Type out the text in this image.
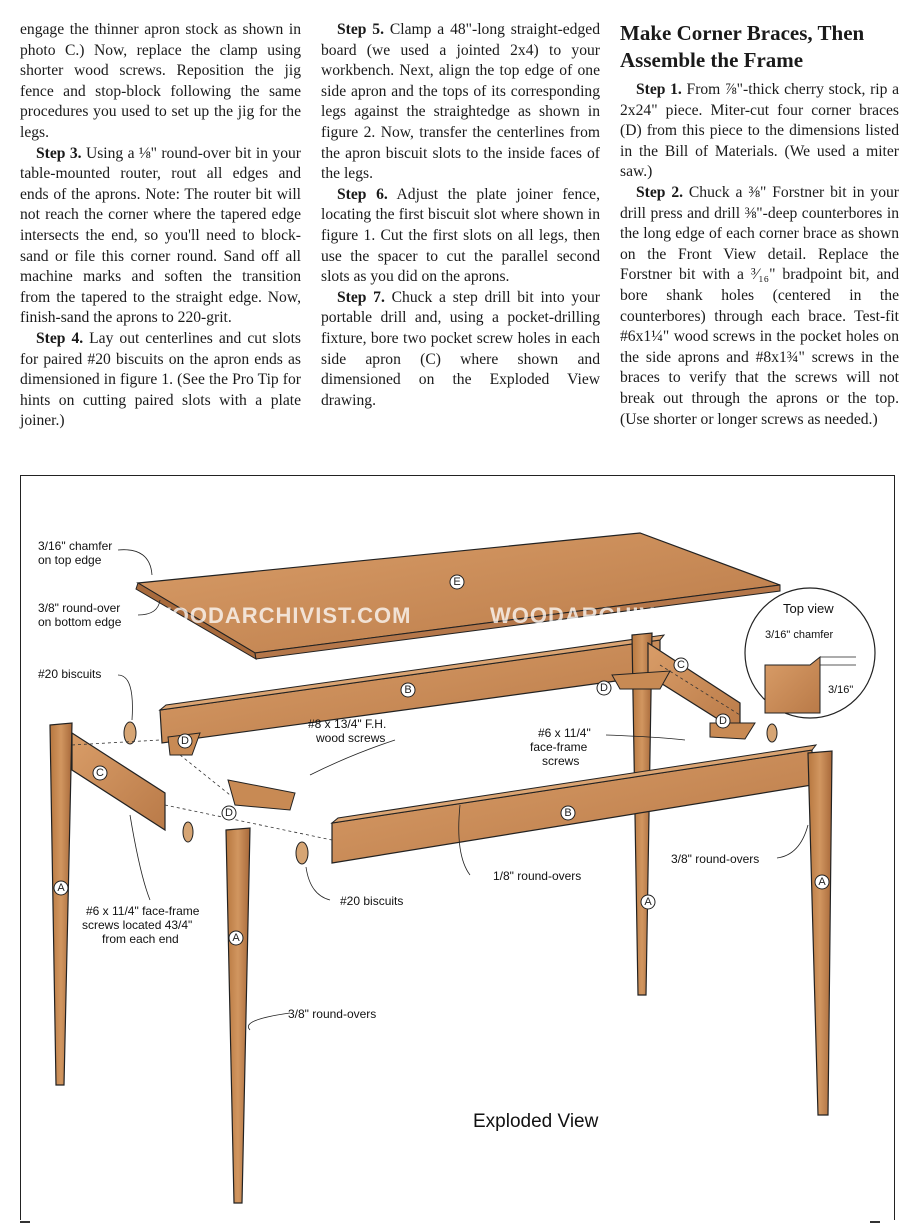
engage the thinner apron stock as shown in photo C.) Now, replace the clamp using shorter wood screws. Reposition the jig fence and stop-block following the same procedures you used to set up the jig for the legs.

Step 3. Using a ⅛" round-over bit in your table-mounted router, rout all edges and ends of the aprons. Note: The router bit will not reach the corner where the tapered edge intersects the end, so you'll need to block-sand or file this corner round. Sand off all machine marks and soften the transition from the tapered to the straight edge. Now, finish-sand the aprons to 220-grit.

Step 4. Lay out centerlines and cut slots for paired #20 biscuits on the apron ends as dimensioned in figure 1. (See the Pro Tip for hints on cutting paired slots with a plate joiner.)

Step 5. Clamp a 48"-long straight-edged board (we used a jointed 2x4) to your workbench. Next, align the top edge of one side apron and the tops of its corresponding legs against the straightedge as shown in figure 2. Now, transfer the centerlines from the apron biscuit slots to the inside faces of the legs.

Step 6. Adjust the plate joiner fence, locating the first biscuit slot where shown in figure 1. Cut the first slots on all legs, then use the spacer to cut the parallel second slots as you did on the aprons.

Step 7. Chuck a step drill bit into your portable drill and, using a pocket-drilling fixture, bore two pocket screw holes in each side apron (C) where shown and dimensioned on the Exploded View drawing.

Make Corner Braces, Then Assemble the Frame

Step 1. From ⅞"-thick cherry stock, rip a 2x24" piece. Miter-cut four corner braces (D) from this piece to the dimensions listed in the Bill of Materials. (We used a miter saw.)

Step 2. Chuck a ⅜" Forstner bit in your drill press and drill ⅜"-deep counterbores in the long edge of each corner brace as shown on the Front View detail. Replace the Forstner bit with a ³⁄₁₆" bradpoint bit, and bore shank holes (centered in the counterbores) through each brace. Test-fit #6x1¼" wood screws in the pocket holes on the side aprons and #8x1¾" screws in the braces to verify that the screws will not break out through the aprons or the top. (Use shorter or longer screws as needed.)

WOODARCHIVIST.COM	WOODARCHIVIST.COM
E
B
B
C
C
D
D
D
D
A
A
A
A
3/16" chamfer
on top edge
3/8" round-over
on bottom edge
#20 biscuits
#8 x 13/4" F.H.
wood screws	#6 x 11/4"
face-frame
screws
#6 x 11/4" face-frame
screws located 43/4"
from each end
#20 biscuits
1/8" round-overs
3/8" round-overs
3/8" round-overs
Top view
3/16" chamfer
3/16"
Exploded View
